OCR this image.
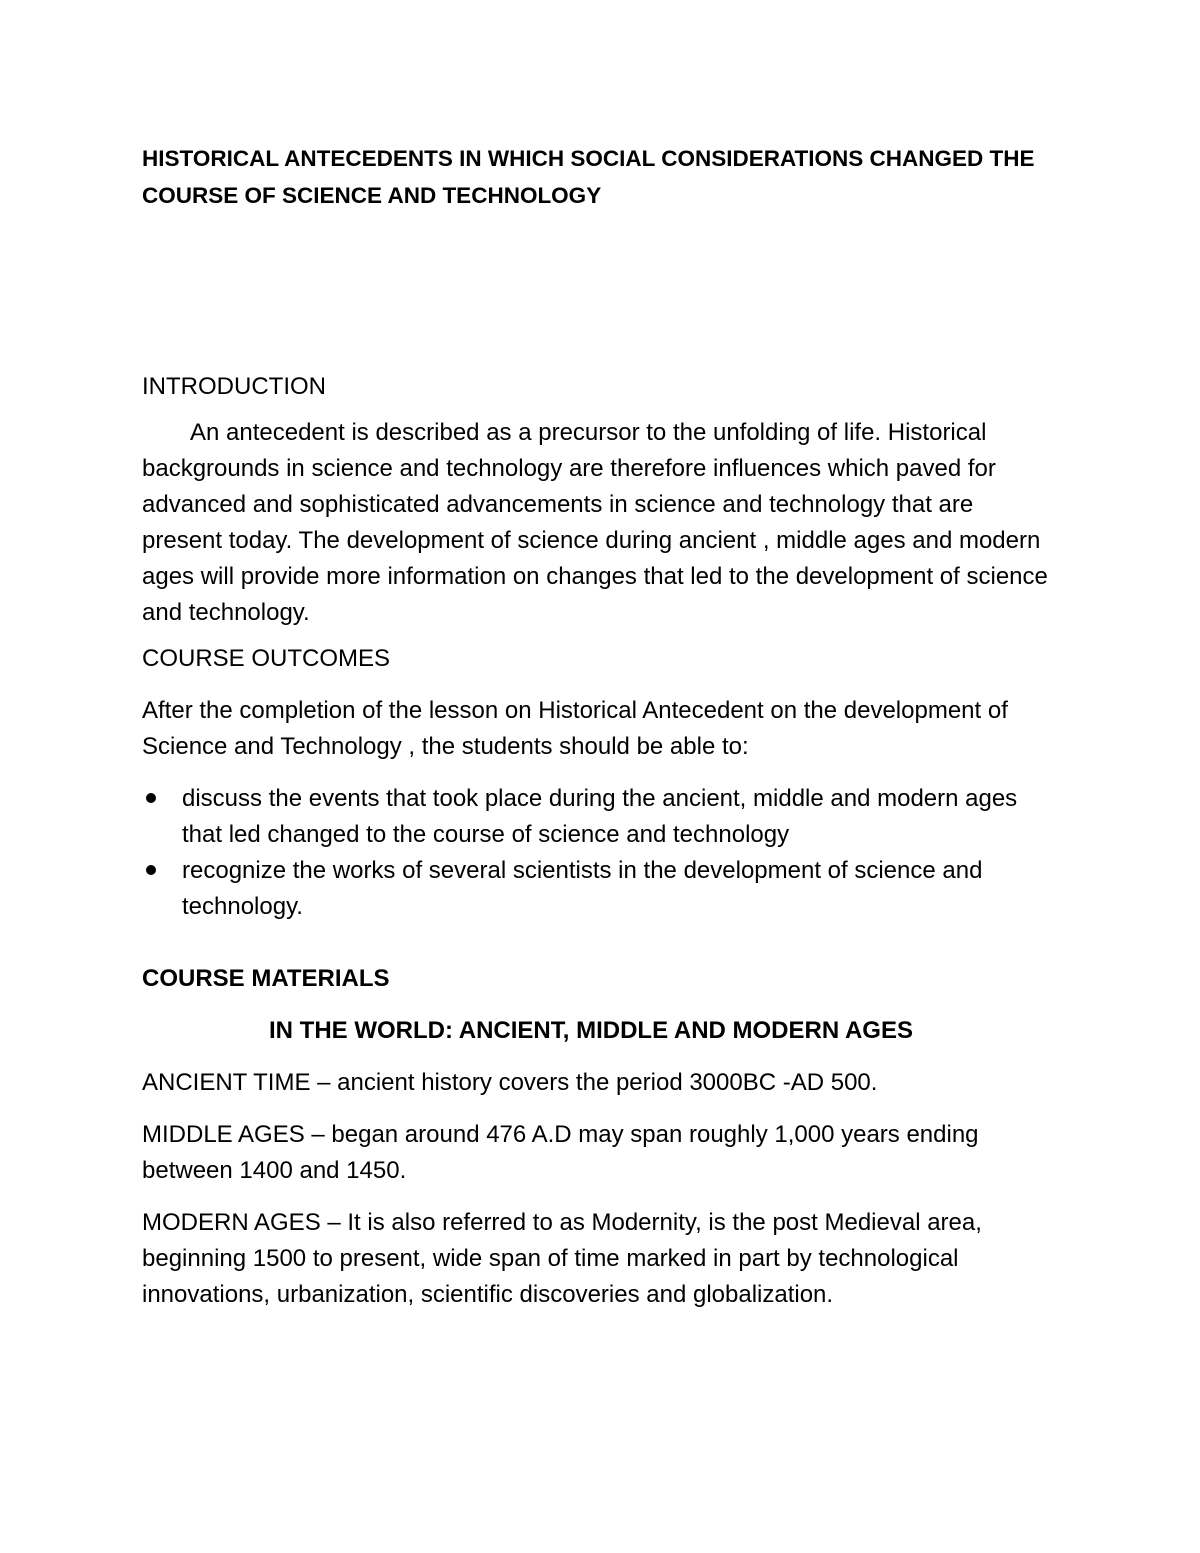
HISTORICAL ANTECEDENTS IN WHICH SOCIAL CONSIDERATIONS CHANGED THE
COURSE OF SCIENCE AND TECHNOLOGY

INTRODUCTION

An antecedent is described as a precursor to the unfolding of life. Historical backgrounds in science and technology are therefore influences which paved for advanced and sophisticated advancements in science and technology that are present today. The development of science during ancient , middle ages and modern ages will provide more information on changes that led to the development of science and technology.

COURSE OUTCOMES

After the completion of the lesson on Historical Antecedent on the development of Science and Technology , the students should be able to:

discuss the events that took place during the ancient, middle and modern ages that led changed to the course of science and technology
recognize the works of several scientists in the development of science and technology.

COURSE MATERIALS

IN THE WORLD: ANCIENT, MIDDLE AND MODERN AGES

ANCIENT TIME – ancient history covers the period 3000BC -AD 500.

MIDDLE AGES – began around 476 A.D may span roughly 1,000 years ending between 1400 and 1450.

MODERN AGES – It is also referred to as Modernity, is the post Medieval area, beginning 1500 to present, wide span of time marked in part by technological innovations, urbanization, scientific discoveries and globalization.
